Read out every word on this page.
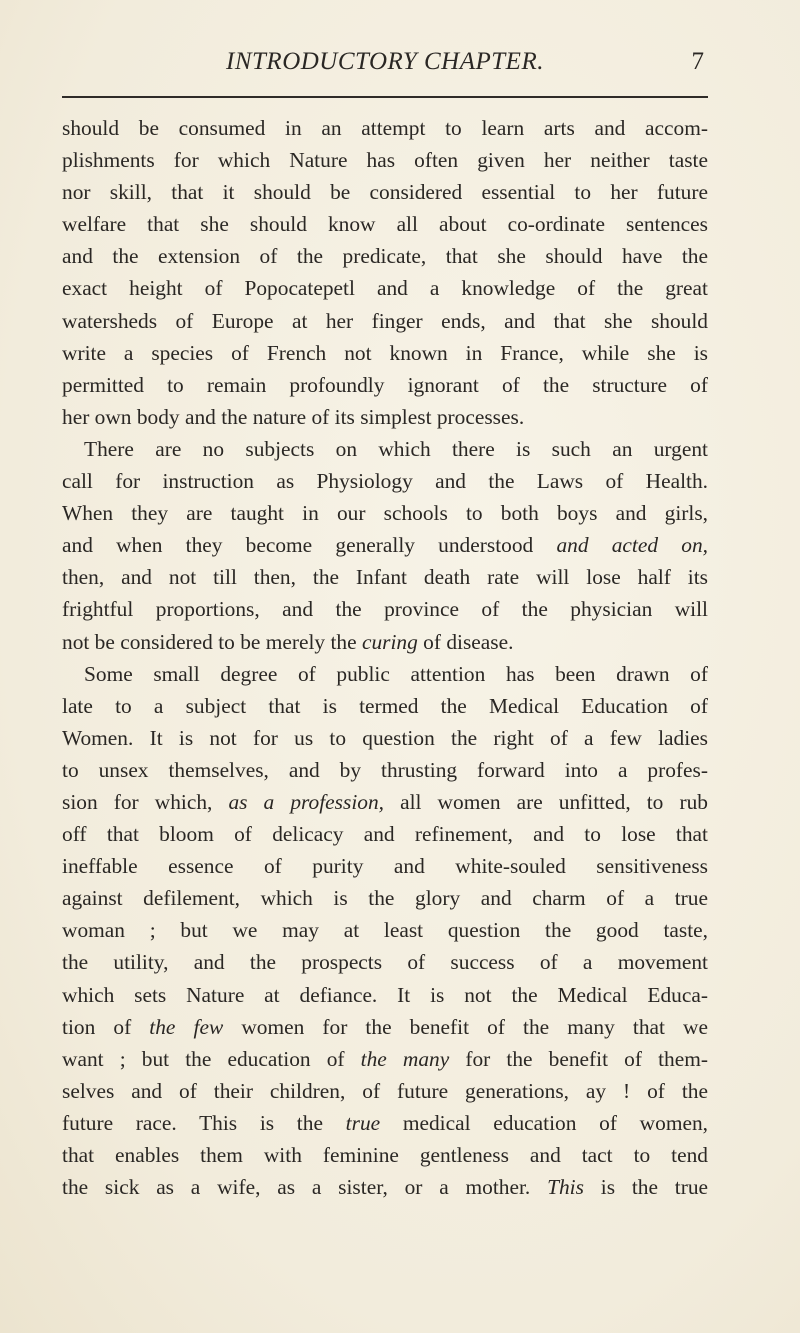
INTRODUCTORY CHAPTER.	7
should be consumed in an attempt to learn arts and accom-
plishments for which Nature has often given her neither taste
nor skill, that it should be considered essential to her future
welfare that she should know all about co-ordinate sentences
and the extension of the predicate, that she should have the
exact height of Popocatepetl and a knowledge of the great
watersheds of Europe at her finger ends, and that she should
write a species of French not known in France, while she is
permitted to remain profoundly ignorant of the structure of
her own body and the nature of its simplest processes.
There are no subjects on which there is such an urgent
call for instruction as Physiology and the Laws of Health.
When they are taught in our schools to both boys and girls,
and when they become generally understood and acted on,
then, and not till then, the Infant death rate will lose half its
frightful proportions, and the province of the physician will
not be considered to be merely the curing of disease.
Some small degree of public attention has been drawn of
late to a subject that is termed the Medical Education of
Women. It is not for us to question the right of a few ladies
to unsex themselves, and by thrusting forward into a profes-
sion for which, as a profession, all women are unfitted, to rub
off that bloom of delicacy and refinement, and to lose that
ineffable essence of purity and white-souled sensitiveness
against defilement, which is the glory and charm of a true
woman ; but we may at least question the good taste,
the utility, and the prospects of success of a movement
which sets Nature at defiance. It is not the Medical Educa-
tion of the few women for the benefit of the many that we
want ; but the education of the many for the benefit of them-
selves and of their children, of future generations, ay ! of the
future race. This is the true medical education of women,
that enables them with feminine gentleness and tact to tend
the sick as a wife, as a sister, or a mother. This is the true
